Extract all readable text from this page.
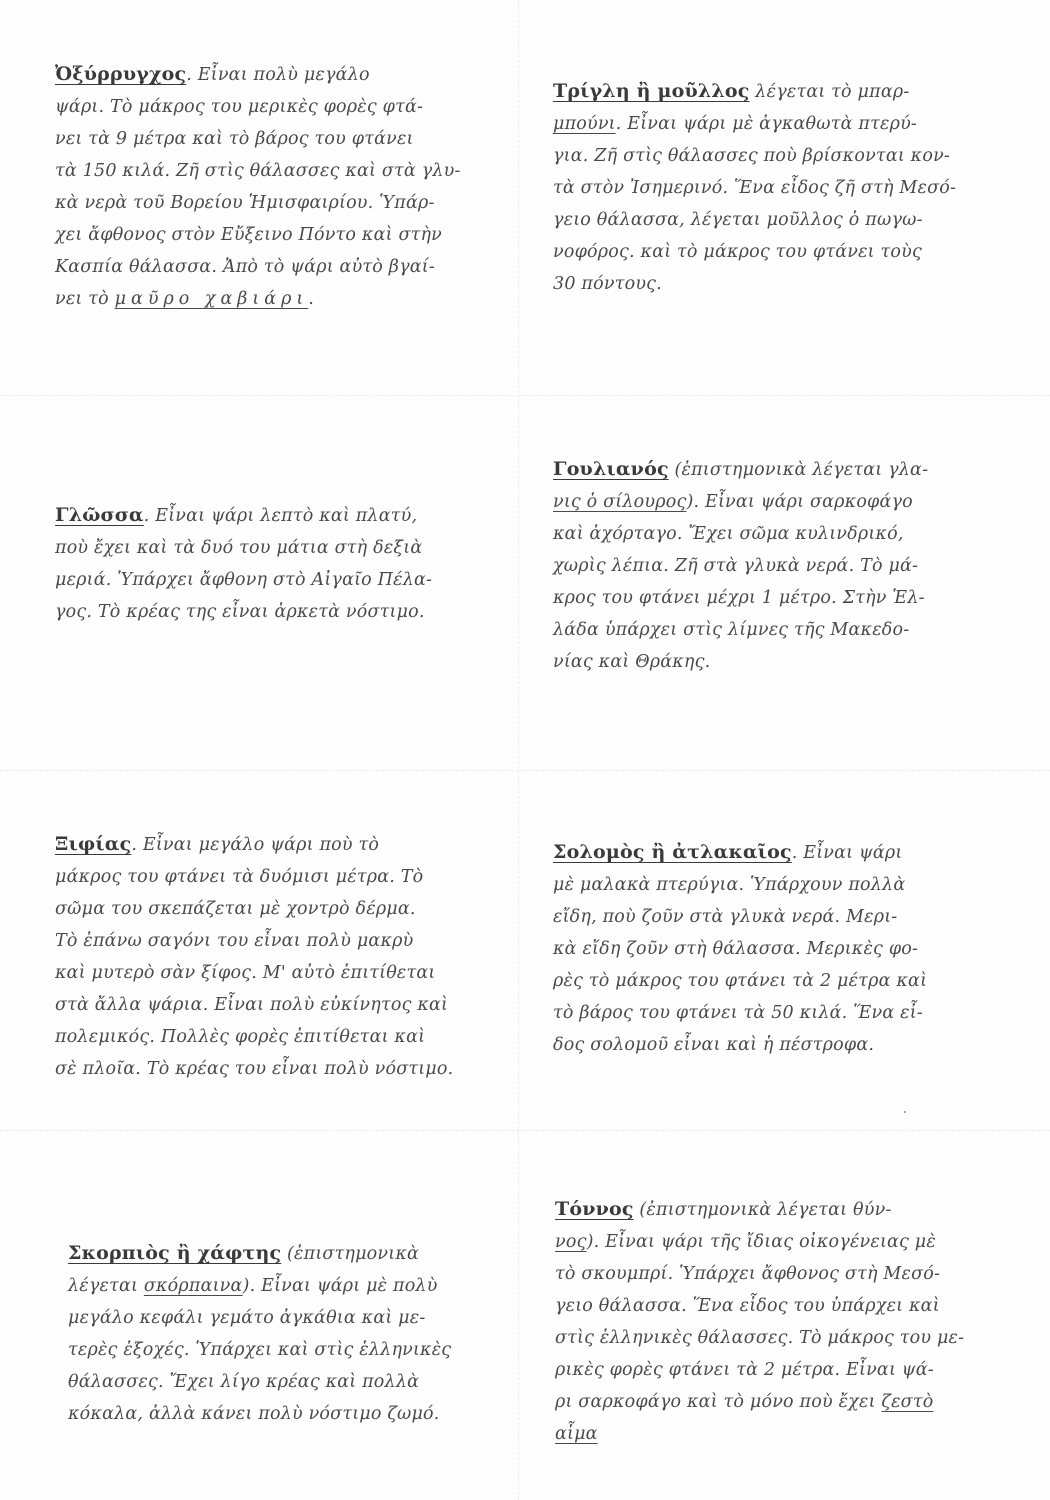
Ὀξύρρυγχος. Εἶναι πολὺ μεγάλο
ψάρι. Τὸ μάκρος του μερικὲς φορὲς φτά-
νει τὰ 9 μέτρα καὶ τὸ βάρος του φτάνει
τὰ 150 κιλά. Ζῆ στὶς θάλασσες καὶ στὰ γλυ-
κὰ νερὰ τοῦ Βορείου Ἡμισφαιρίου. Ὑπάρ-
χει ἄφθονος στὸν Εὔξεινο Πόντο καὶ στὴν
Κασπία θάλασσα. Ἀπὸ τὸ ψάρι αὐτὸ βγαί-
νει τὸ μαῦρο χαβιάρι.
Τρίγλη ἢ μοῦλλος λέγεται τὸ μπαρ-
μπούνι. Εἶναι ψάρι μὲ ἀγκαθωτὰ πτερύ-
για. Ζῆ στὶς θάλασσες ποὺ βρίσκονται κον-
τὰ στὸν Ἰσημερινό. Ἕνα εἶδος ζῆ στὴ Μεσό-
γειο θάλασσα, λέγεται μοῦλλος ὁ πωγω-
νοφόρος. καὶ τὸ μάκρος του φτάνει τοὺς
30 πόντους.
Γλῶσσα. Εἶναι ψάρι λεπτὸ καὶ πλατύ,
ποὺ ἔχει καὶ τὰ δυό του μάτια στὴ δεξιὰ
μεριά. Ὑπάρχει ἄφθονη στὸ Αἰγαῖο Πέλα-
γος. Τὸ κρέας της εἶναι ἀρκετὰ νόστιμο.
Γουλιανός (ἐπιστημονικὰ λέγεται γλα-
νις ὁ σίλουρος). Εἶναι ψάρι σαρκοφάγο
καὶ ἀχόρταγο. Ἔχει σῶμα κυλινδρικό,
χωρὶς λέπια. Ζῆ στὰ γλυκὰ νερά. Τὸ μά-
κρος του φτάνει μέχρι 1 μέτρο. Στὴν Ἑλ-
λάδα ὑπάρχει στὶς λίμνες τῆς Μακεδο-
νίας καὶ Θράκης.
Ξιφίας. Εἶναι μεγάλο ψάρι ποὺ τὸ
μάκρος του φτάνει τὰ δυόμισι μέτρα. Τὸ
σῶμα του σκεπάζεται μὲ χοντρὸ δέρμα.
Τὸ ἐπάνω σαγόνι του εἶναι πολὺ μακρὺ
καὶ μυτερὸ σὰν ξίφος. Μ' αὐτὸ ἐπιτίθεται
στὰ ἄλλα ψάρια. Εἶναι πολὺ εὐκίνητος καὶ
πολεμικός. Πολλὲς φορὲς ἐπιτίθεται καὶ
σὲ πλοῖα. Τὸ κρέας του εἶναι πολὺ νόστιμο.
Σολομὸς ἢ ἀτλακαῖος. Εἶναι ψάρι
μὲ μαλακὰ πτερύγια. Ὑπάρχουν πολλὰ
εἴδη, ποὺ ζοῦν στὰ γλυκὰ νερά. Μερι-
κὰ εἴδη ζοῦν στὴ θάλασσα. Μερικὲς φο-
ρὲς τὸ μάκρος του φτάνει τὰ 2 μέτρα καὶ
τὸ βάρος του φτάνει τὰ 50 κιλά. Ἕνα εἶ-
δος σολομοῦ εἶναι καὶ ἡ πέστροφα.
Σκορπιὸς ἢ χάφτης (ἐπιστημονικὰ
λέγεται σκόρπαινα). Εἶναι ψάρι μὲ πολὺ
μεγάλο κεφάλι γεμάτο ἀγκάθια καὶ με-
τερὲς ἐξοχές. Ὑπάρχει καὶ στὶς ἑλληνικὲς
θάλασσες. Ἔχει λίγο κρέας καὶ πολλὰ
κόκαλα, ἀλλὰ κάνει πολὺ νόστιμο ζωμό.
Τόννος (ἐπιστημονικὰ λέγεται θύν-
νος). Εἶναι ψάρι τῆς ἴδιας οἰκογένειας μὲ
τὸ σκουμπρί. Ὑπάρχει ἄφθονος στὴ Μεσό-
γειο θάλασσα. Ἕνα εἶδος του ὑπάρχει καὶ
στὶς ἑλληνικὲς θάλασσες. Τὸ μάκρος του με-
ρικὲς φορὲς φτάνει τὰ 2 μέτρα. Εἶναι ψά-
ρι σαρκοφάγο καὶ τὸ μόνο ποὺ ἔχει ζεστὸ
αἷμα
